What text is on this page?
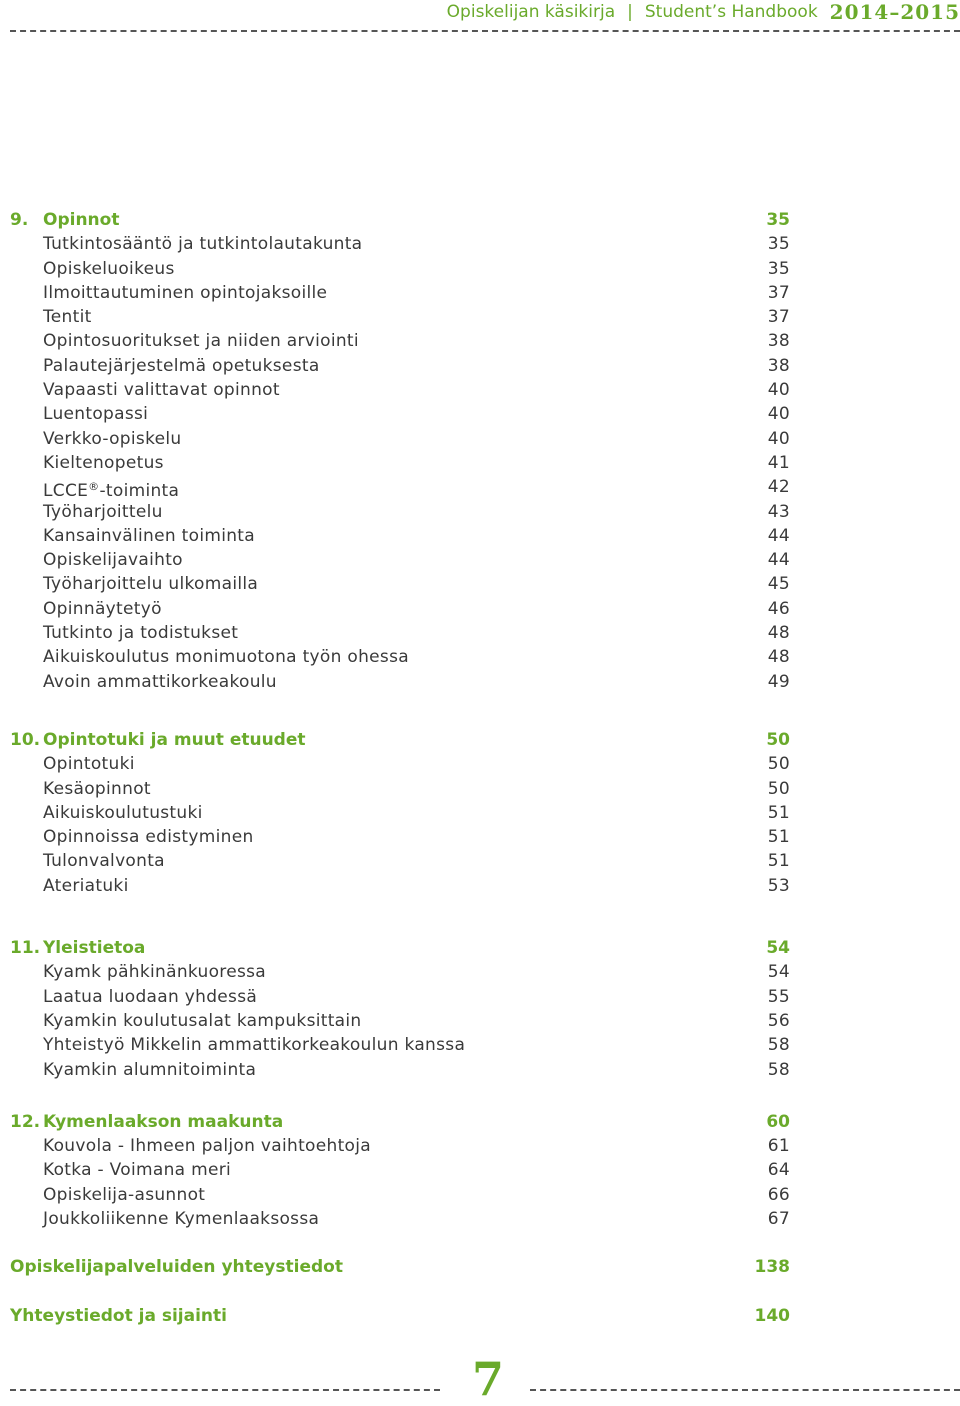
Opiskelijan käsikirja | Student’s Handbook 2014–2015
9. Opinnot	35
Tutkintosääntö ja tutkintolautakunta	35
Opiskeluoikeus	35
Ilmoittautuminen opintojaksoille	37
Tentit	37
Opintosuoritukset ja niiden arviointi	38
Palautejärjestelmä opetuksesta	38
Vapaasti valittavat opinnot	40
Luentopassi	40
Verkko-opiskelu	40
Kieltenopetus	41
LCCE®-toiminta	42
Työharjoittelu	43
Kansainvälinen toiminta	44
Opiskelijavaihto	44
Työharjoittelu ulkomailla	45
Opinnäytetyö	46
Tutkinto ja todistukset	48
Aikuiskoulutus monimuotona työn ohessa	48
Avoin ammattikorkeakoulu	49
10. Opintotuki ja muut etuudet	50
Opintotuki	50
Kesäopinnot	50
Aikuiskoulutustuki	51
Opinnoissa edistyminen	51
Tulonvalvonta	51
Ateriatuki	53
11. Yleistietoa	54
Kyamk pähkinänkuoressa	54
Laatua luodaan yhdessä	55
Kyamkin koulutusalat kampuksittain	56
Yhteistyö Mikkelin ammattikorkeakoulun kanssa	58
Kyamkin alumnitoiminta	58
12. Kymenlaakson maakunta	60
Kouvola - Ihmeen paljon vaihtoehtoja	61
Kotka - Voimana meri	64
Opiskelija-asunnot	66
Joukkoliikenne Kymenlaaksossa	67
Opiskelijapalveluiden yhteystiedot	138
Yhteystiedot ja sijainti	140
7
